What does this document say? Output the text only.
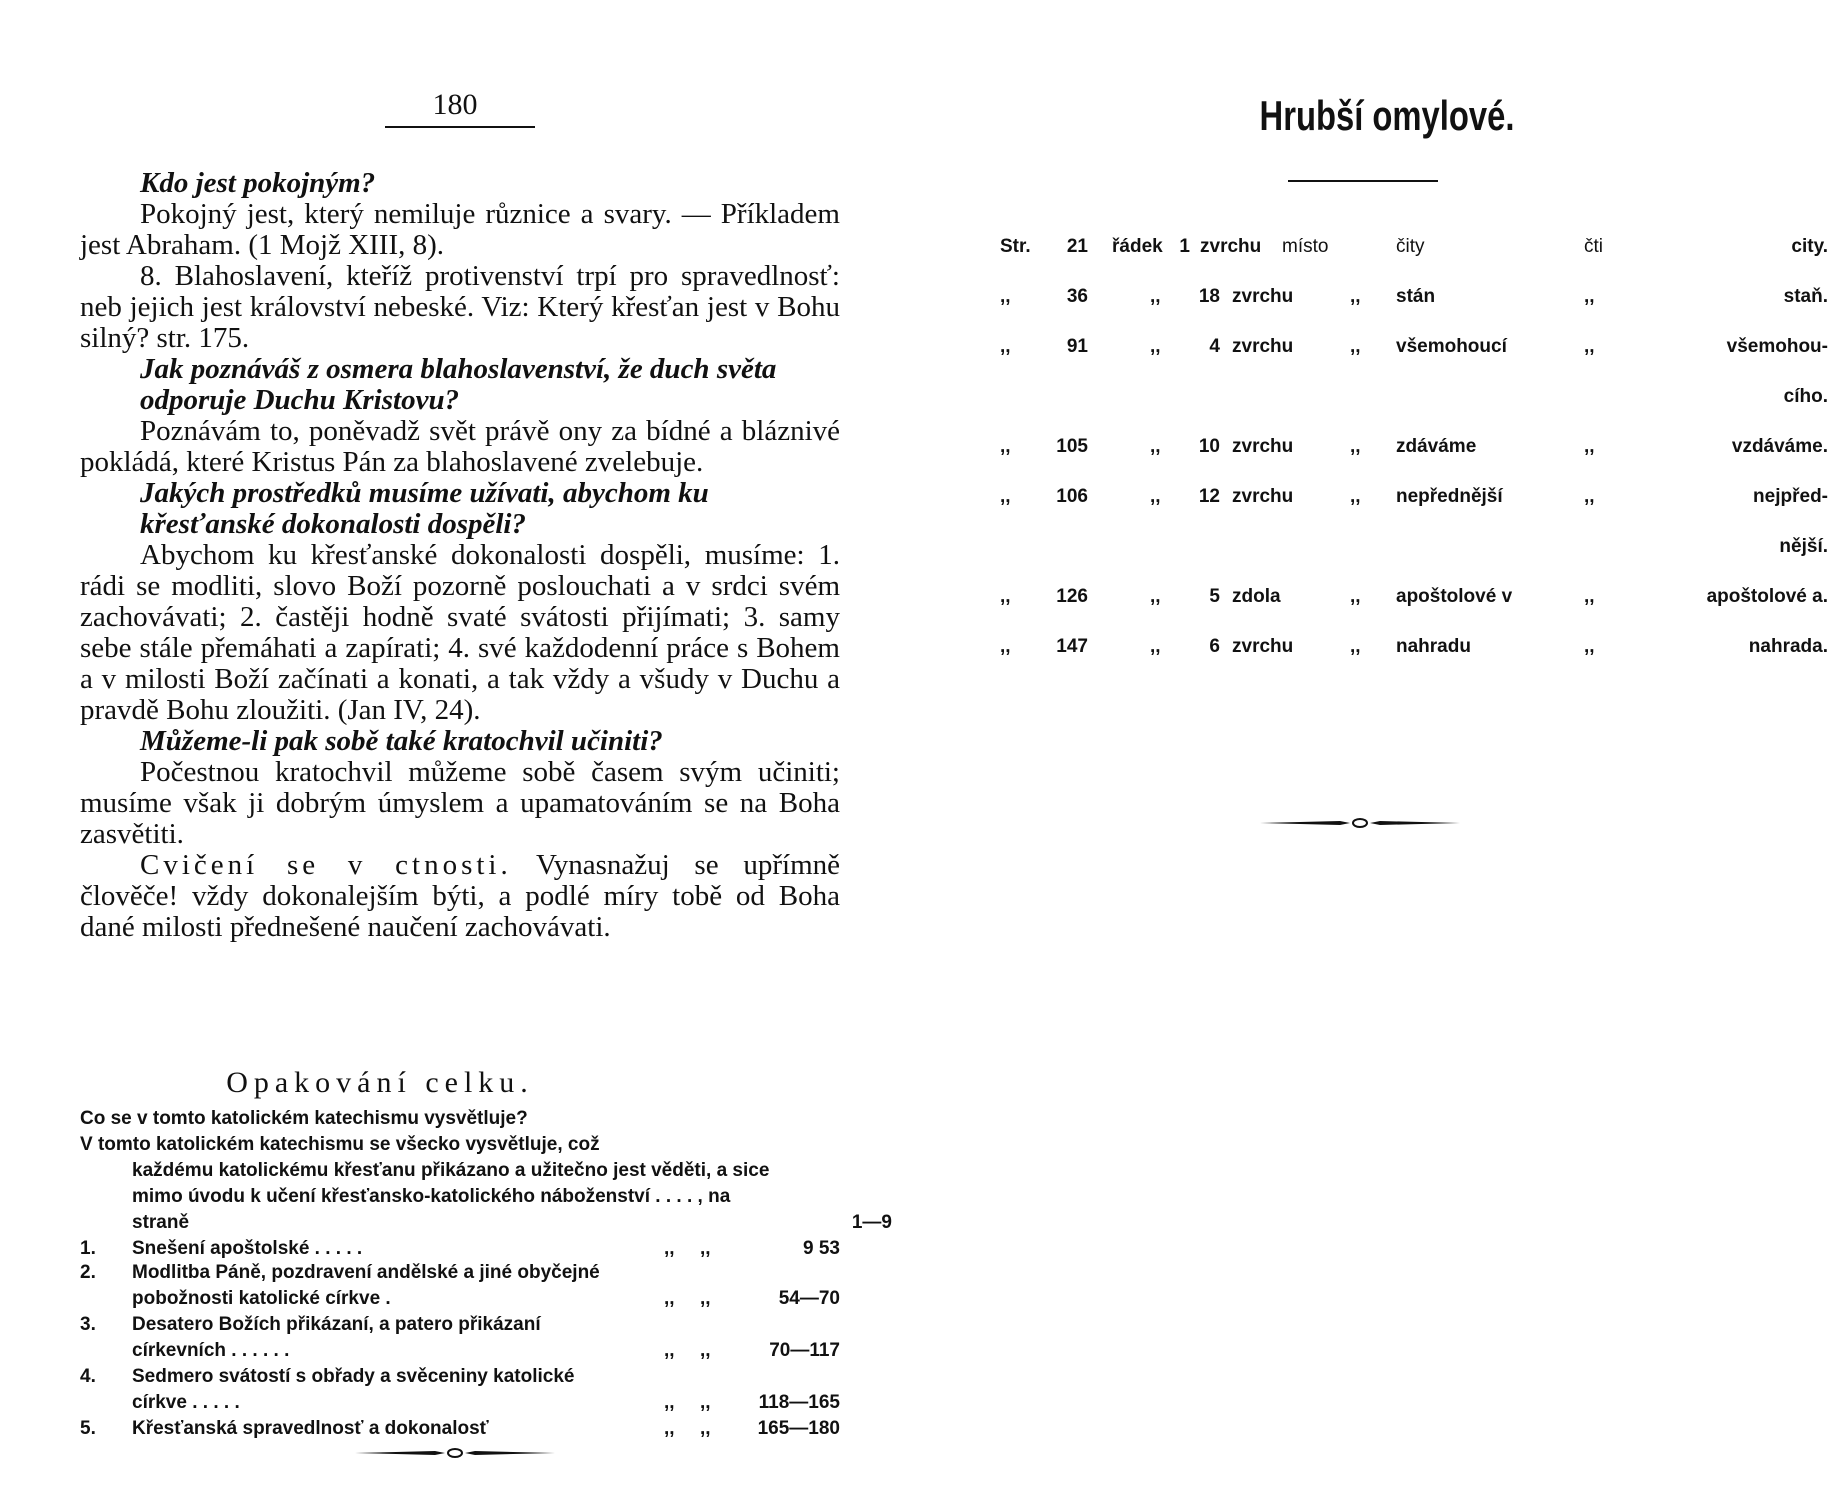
180

Kdo jest pokojným?

Pokojný jest, který nemiluje různice a svary. — Příkladem jest Abraham. (1 Mojž XIII, 8).

8. Blahoslavení, kteříž protivenství trpí pro spravedlnosť: neb jejich jest království nebeské. Viz: Který křesťan jest v Bohu silný? str. 175.

Jak poznáváš z osmera blahoslavenství, že duch světa odporuje Duchu Kristovu?

Poznávám to, poněvadž svět právě ony za bídné a bláznivé pokládá, které Kristus Pán za blahoslavené zvelebuje.

Jakých prostředků musíme užívati, abychom ku křesťanské dokonalosti dospěli?

Abychom ku křesťanské dokonalosti dospěli, musíme: 1. rádi se modliti, slovo Boží pozorně poslouchati a v srdci svém zachovávati; 2. častěji hodně svaté svátosti přijímati; 3. samy sebe stále přemáhati a zapírati; 4. své každodenní práce s Bohem a v milosti Boží začínati a konati, a tak vždy a všudy v Duchu a pravdě Bohu zloužiti. (Jan IV, 24).

Můžeme-li pak sobě také kratochvil učiniti?

Počestnou kratochvil můžeme sobě časem svým učiniti; musíme však ji dobrým úmyslem a upamatováním se na Boha zasvětiti.

Cvičení se v ctnosti. Vynasnažuj se upřímně člověče! vždy dokonalejším býti, a podlé míry tobě od Boha dané milosti přednešené naučení zachovávati.

Opakování celku.
Co se v tomto katolickém katechismu vysvětluje?
V tomto katolickém katechismu se všecko vysvětluje, což
každému katolickému křesťanu přikázano a užitečno jest věděti, a sice mimo úvodu k učení křesťansko-katolického náboženství . . . . , na straně	1—9
1.	Snešení apoštolské . . . . .	,, ,,	9 53
2.	Modlitba Páně, pozdravení andělské a jiné obyčejné pobožnosti katolické církve .	,, ,,	54—70
3.	Desatero Božích přikázaní, a patero přikázaní církevních . . . . . .	,, ,,	70—117
4.	Sedmero svátostí s obřady a svěceniny katolické církve . . . . .	,, ,,	118—165
5.	Křesťanská spravedlnosť a dokonalosť	,, ,,	165—180
Hrubší omylové.
Str.	21 řádek 1 zvrchu místo	čity	čti	city.
,,	36	,,	18 zvrchu	,, stán	,,	staň.
,,	91	,,	4 zvrchu	,, všemohoucí	,,	všemohou-
cího.
,,	105	,,	10 zvrchu	,, zdáváme	,,	vzdáváme.
,,	106	,,	12 zvrchu	,, nepřednější	,,	nejpřed-
nější.
,,	126	,,	5 zdola	,, apoštolové v	,,	apoštolové a.
,,	147	,,	6 zvrchu	,, nahradu	,,	nahrada.
